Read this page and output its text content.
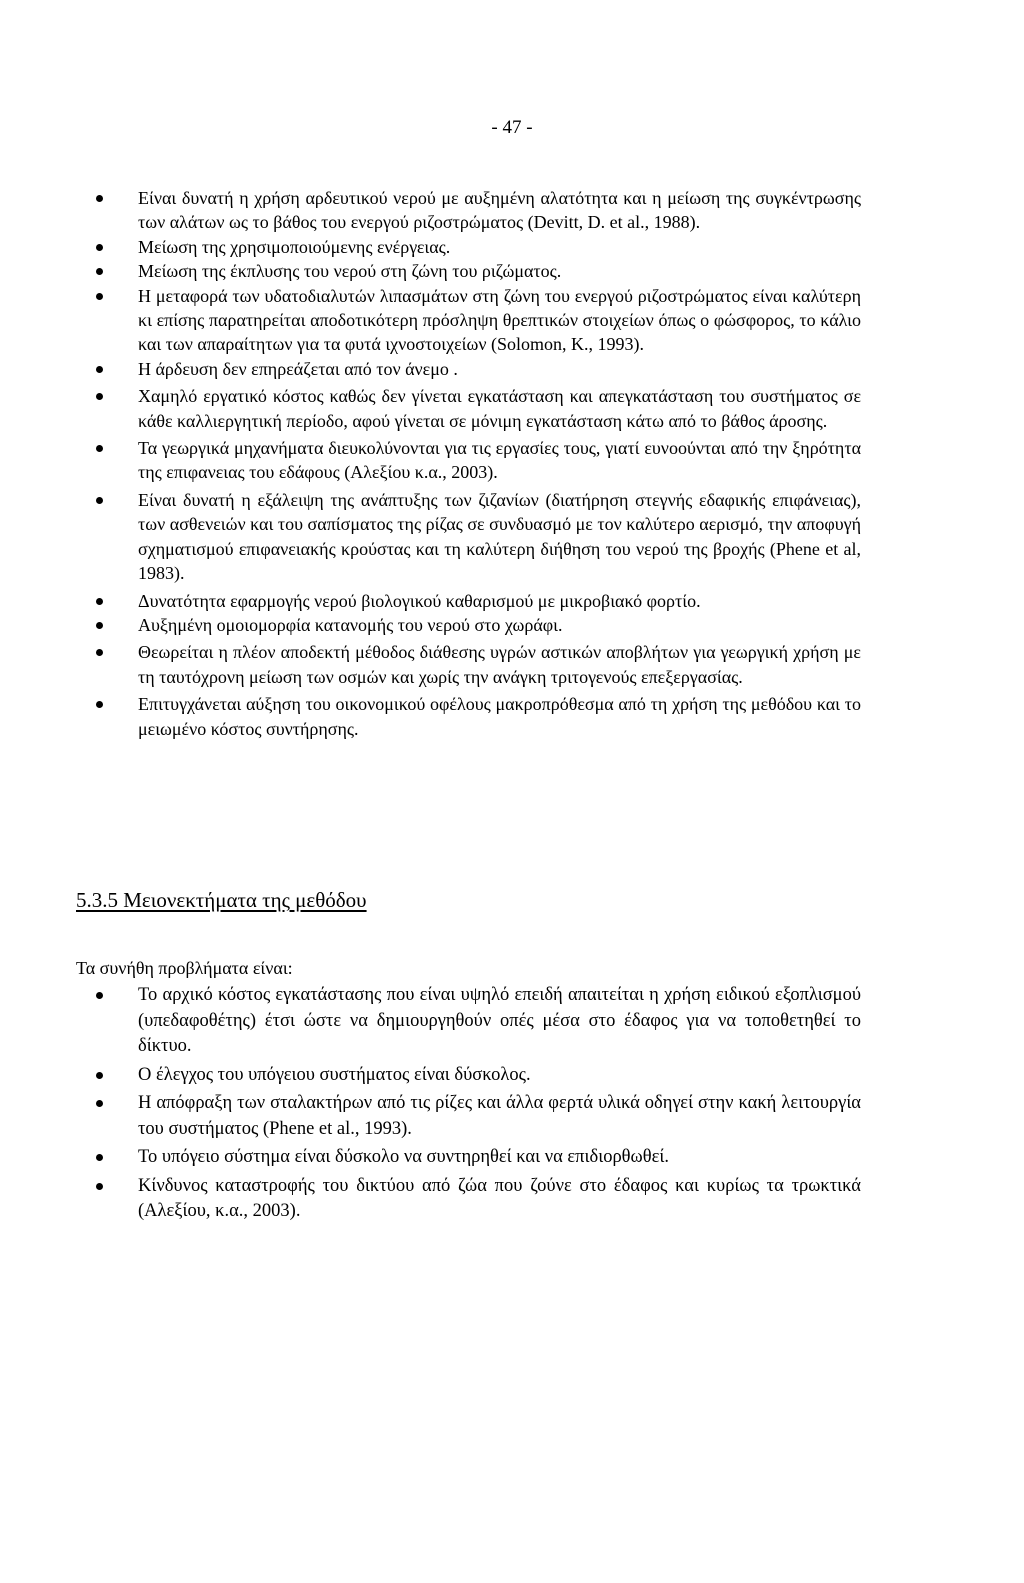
- 47 -
Είναι δυνατή η χρήση αρδευτικού νερού με αυξημένη αλατότητα και η μείωση της συγκέντρωσης των αλάτων ως το βάθος του ενεργού ριζοστρώματος (Devitt, D. et al., 1988).
Μείωση της χρησιμοποιούμενης ενέργειας.
Μείωση της έκπλυσης του νερού στη ζώνη του ριζώματος.
Η μεταφορά των υδατοδιαλυτών λιπασμάτων στη ζώνη του ενεργού ριζοστρώματος είναι καλύτερη κι επίσης παρατηρείται αποδοτικότερη πρόσληψη θρεπτικών στοιχείων όπως ο φώσφορος, το κάλιο και των απαραίτητων για τα φυτά ιχνοστοιχείων (Solomon, K., 1993).
Η άρδευση δεν επηρεάζεται από τον άνεμο .
Χαμηλό εργατικό κόστος καθώς δεν γίνεται εγκατάσταση και απεγκατάσταση του συστήματος σε κάθε καλλιεργητική περίοδο, αφού γίνεται σε μόνιμη εγκατάσταση κάτω από το βάθος άροσης.
Τα γεωργικά μηχανήματα διευκολύνονται για τις εργασίες τους, γιατί ευνοούνται από την ξηρότητα της επιφανειας του εδάφους (Αλεξίου κ.α., 2003).
Είναι δυνατή η εξάλειψη της ανάπτυξης των ζιζανίων (διατήρηση στεγνής εδαφικής επιφάνειας), των ασθενειών και του σαπίσματος της ρίζας σε συνδυασμό με τον καλύτερο αερισμό, την αποφυγή σχηματισμού επιφανειακής κρούστας και τη καλύτερη διήθηση του νερού της βροχής (Phene et al, 1983).
Δυνατότητα εφαρμογής νερού βιολογικού καθαρισμού με μικροβιακό φορτίο.
Αυξημένη ομοιομορφία κατανομής του νερού στο χωράφι.
Θεωρείται η πλέον αποδεκτή μέθοδος διάθεσης υγρών αστικών αποβλήτων για γεωργική χρήση με τη ταυτόχρονη μείωση των οσμών και χωρίς την ανάγκη τριτογενούς επεξεργασίας.
Επιτυγχάνεται αύξηση του οικονομικού οφέλους μακροπρόθεσμα από τη χρήση της μεθόδου και το μειωμένο κόστος συντήρησης.
5.3.5 Μειονεκτήματα της μεθόδου
Τα συνήθη προβλήματα είναι:
Το αρχικό κόστος εγκατάστασης που είναι υψηλό επειδή απαιτείται η χρήση ειδικού εξοπλισμού (υπεδαφοθέτης) έτσι ώστε να δημιουργηθούν οπές μέσα στο έδαφος για να τοποθετηθεί το δίκτυο.
Ο έλεγχος του υπόγειου συστήματος είναι δύσκολος.
Η απόφραξη των σταλακτήρων από τις ρίζες και άλλα φερτά υλικά οδηγεί στην κακή λειτουργία του συστήματος (Phene et al., 1993).
Το υπόγειο σύστημα είναι δύσκολο να συντηρηθεί και να επιδιορθωθεί.
Κίνδυνος καταστροφής του δικτύου από ζώα που ζούνε στο έδαφος και κυρίως τα τρωκτικά (Αλεξίου, κ.α., 2003).
